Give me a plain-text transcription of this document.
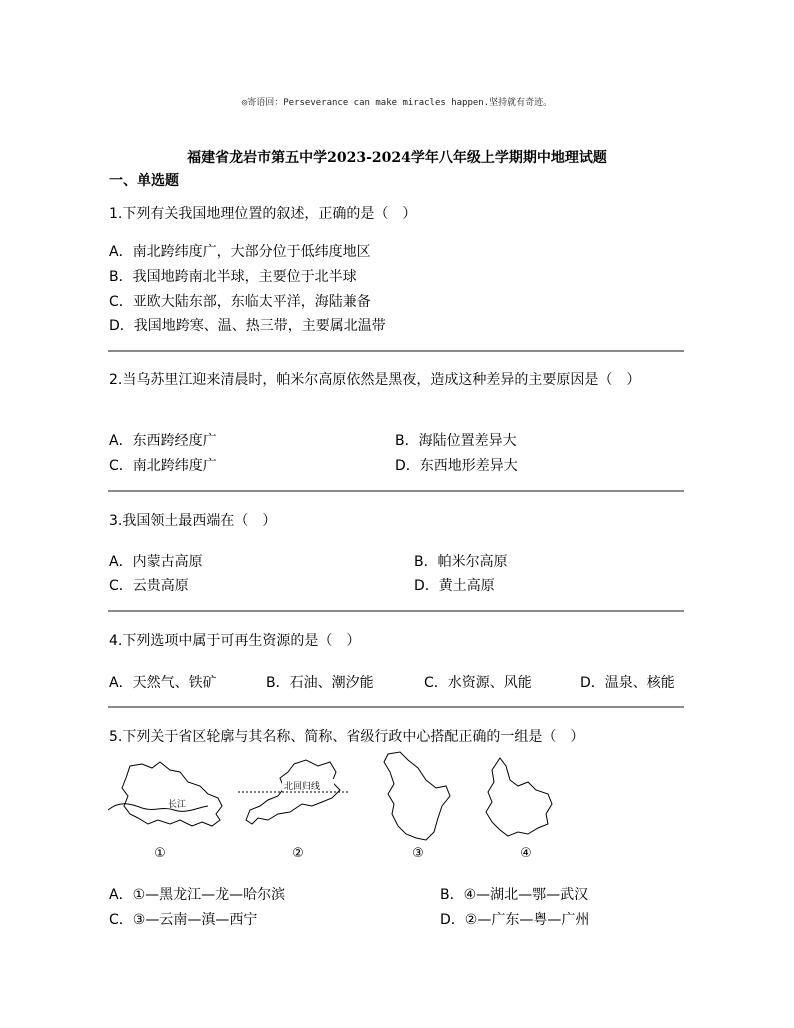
◎寄语回：Perseverance can make miracles happen.坚持就有奇迹。
福建省龙岩市第五中学2023-2024学年八年级上学期期中地理试题
一、单选题
1.下列有关我国地理位置的叙述，正确的是（　）
A．南北跨纬度广，大部分位于低纬度地区
B．我国地跨南北半球，主要位于北半球
C．亚欧大陆东部，东临太平洋，海陆兼备
D．我国地跨寒、温、热三带，主要属北温带
2.当乌苏里江迎来清晨时，帕米尔高原依然是黑夜，造成这种差异的主要原因是（　）
A．东西跨经度广	B．海陆位置差异大
C．南北跨纬度广	D．东西地形差异大
3.我国领土最西端在（　）
A．内蒙古高原	B．帕米尔高原
C．云贵高原	D．黄土高原
4.下列选项中属于可再生资源的是（　）
A．天然气、铁矿	B．石油、潮汐能	C．水资源、风能	D．温泉、核能
5.下列关于省区轮廓与其名称、简称、省级行政中心搭配正确的一组是（　）
长江
北回归线
①	②	③	④
A．①—黑龙江—龙—哈尔滨	B．④—湖北—鄂—武汉
C．③—云南—滇—西宁	D．②—广东—粤—广州
